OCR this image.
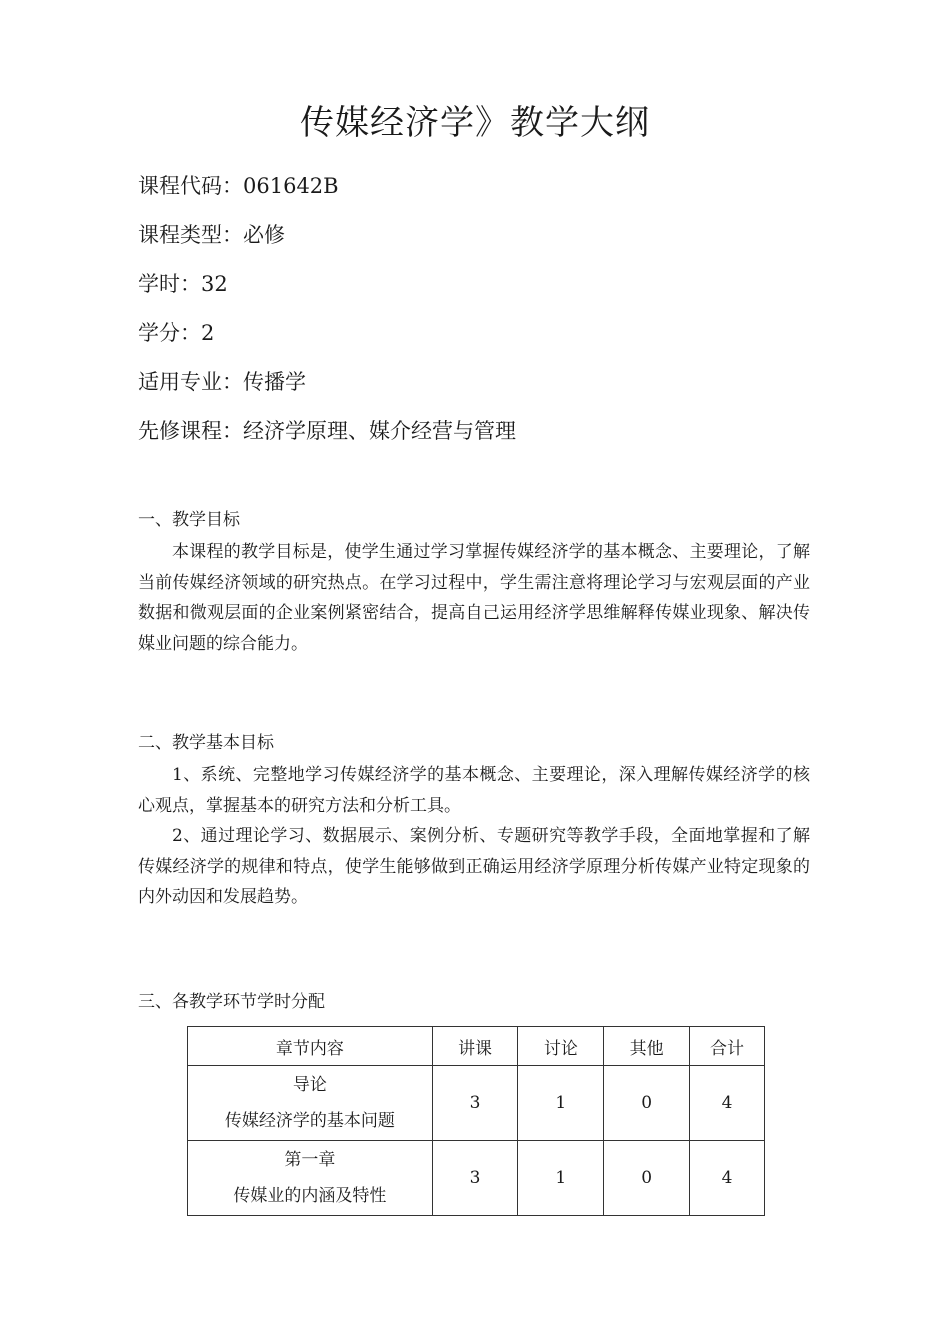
传媒经济学》教学大纲
课程代码：061642B
课程类型：必修
学时：32
学分：2
适用专业：传播学
先修课程：经济学原理、媒介经营与管理
一、教学目标

本课程的教学目标是，使学生通过学习掌握传媒经济学的基本概念、主要理论，了解当前传媒经济领域的研究热点。在学习过程中，学生需注意将理论学习与宏观层面的产业数据和微观层面的企业案例紧密结合，提高自己运用经济学思维解释传媒业现象、解决传媒业问题的综合能力。

二、教学基本目标

1、系统、完整地学习传媒经济学的基本概念、主要理论，深入理解传媒经济学的核心观点，掌握基本的研究方法和分析工具。

2、通过理论学习、数据展示、案例分析、专题研究等教学手段，全面地掌握和了解传媒经济学的规律和特点，使学生能够做到正确运用经济学原理分析传媒产业特定现象的内外动因和发展趋势。

三、各教学环节学时分配
章节内容	讲课	讨论	其他	合计

导论
传媒经济学的基本问题	3	1	0	4

第一章
传媒业的内涵及特性	3	1	0	4
